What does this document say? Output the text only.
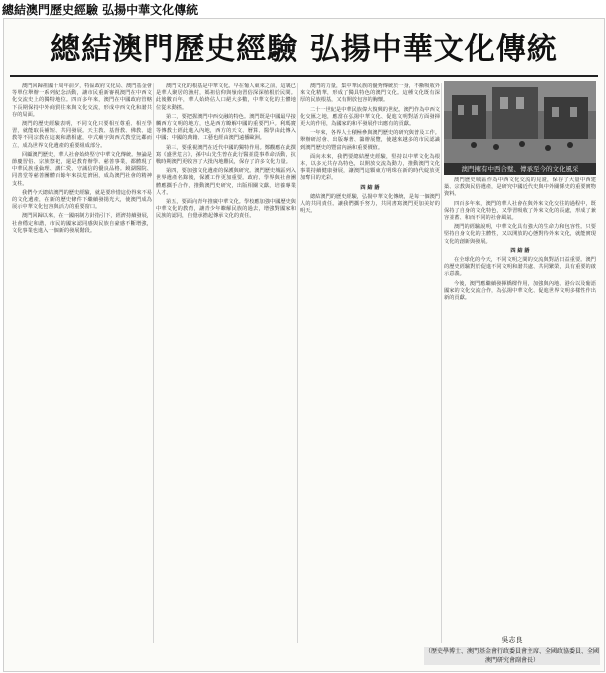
總結澳門歷史經驗 弘揚中華文化傳統
總結澳門歷史經驗 弘揚中華文化傳統

澳門回歸祖國十周年前夕，特區政府文化局、澳門基金會等單位舉辦一系列紀念活動，讓市民重新審視澳門在中西文化交流史上的獨特地位。四百多年來，澳門在中國政府管轄下長期保持中外商貿往來與文化交流，形成中西文化和諧共存的局面。

澳門的歷史經驗表明，不同文化只要相互尊重、相互學習，就能取長補短、共同發展。天主教、基督教、佛教、道教等不同宗教在這裏和諧相處，中式廟宇與西式教堂比鄰而立，成為世界文化遺產的重要組成部分。

回顧澳門歷史，華人社會始終堅守中華文化傳統。無論是節慶習俗、宗族祭祀，還是教育辦學、慈善事業，都體現了中華民族重倫理、講仁愛、守誠信的優良品格。鏡湖醫院、同善堂等慈善團體百餘年來扶危濟困，成為澳門社會的精神支柱。

我們今天總結澳門的歷史經驗，就是要珍惜這份得來不易的文化遺產，在新的歷史條件下繼續發揚光大，使澳門成為展示中華文化包容與活力的重要窗口。

澳門回歸以來，在一國兩制方針指引下，經濟持續發展，社會穩定和諧，市民的國家認同感與民族自豪感不斷增強，文化事業也進入一個新的發展階段。

澳門文化的根基是中華文化。早在葡人東來之前，這裏已是華人聚居的漁村，媽祖信仰與嶺南習俗深深植根於民間。此後數百年，華人始終佔人口絕大多數，中華文化的主體地位從未動搖。

第二，要把握澳門中西交融的特色。澳門既是中國最早接觸西方文明的地方，也是西方瞭解中國的重要門戶。利瑪竇等傳教士經此進入內地，西方的天文、曆算、醫學由此傳入中國；中國的典籍、工藝也經由澳門遠播歐洲。

第三，要重視澳門在近代中國的獨特作用。鄭觀應在此撰寫《盛世危言》，孫中山先生曾在此行醫並從事革命活動，抗戰時期澳門更收容了大批內地難民，保存了許多文化力量。

第四，要加強文化遺產的保護與研究。澳門歷史城區列入世界遺產名錄後，保護工作更加重要。政府、學界與社會團體應攜手合作，推動澳門史研究，出版相關文獻，培養專業人才。

第五，要面向青年推廣中華文化。學校應加強中國歷史與中華文化的教育，讓青少年瞭解民族的過去，增強對國家和民族的認同，自覺承擔起傳承文化的責任。

澳門的力量，集中華民族的優秀傳統於一身，不斷吸收外來文化精華，形成了獨具特色的澳門文化。這種文化既有深厚的民族根基，又有開放包容的胸懷。

二十一世紀是中華民族偉大復興的世紀。澳門作為中西文化交匯之地，應當在弘揚中華文化、促進文明對話方面發揮更大的作用，為國家的和平發展作出應有的貢獻。

一年來，各界人士積極參與澳門歷史的研究與普及工作。舉辦研討會、出版專著、籌辦展覽，使越來越多的市民認識到澳門歷史的豐富內涵和重要價值。

面向未來，我們要總結歷史經驗，堅持以中華文化為根本，以多元共存為特色，以開放交流為動力，推動澳門文化事業持續健康發展，讓澳門這顆東方明珠在新的時代綻放更加奪目的光彩。

四 結 語

總結澳門的歷史經驗，弘揚中華文化傳統，是每一個澳門人的共同責任。讓我們攜手努力，共同書寫澳門更加美好的明天。

澳門擁有中西合璧、傳承至今的文化風采

澳門歷史城區作為中西文化交流的見證，保存了大量中西建築、宗教與民俗遺產，是研究中國近代史與中外關係史的重要實物資料。

四百多年來，澳門的華人社會在與外來文化交往的過程中，既保持了自身的文化特色，又學習吸收了外來文化的長處，形成了兼容並蓄、和而不同的社會風氣。

澳門的經驗說明，中華文化具有強大的生命力和包容性。只要堅持自身文化的主體性，又以開放的心態對待外來文化，就能實現文化的創新與發展。

四 結 語

在全球化的今天，不同文明之間的交流與對話日益重要。澳門的歷史經驗對於促進不同文明和諧共處、共同繁榮，具有重要的啟示意義。

今後，澳門應繼續發揮橋樑作用，加強與內地、港台以及葡語國家的文化交流合作，為弘揚中華文化、促進世界文明多樣性作出新的貢獻。

吳志良
（歷史學博士、澳門基金會行政委員會主席、全國政協委員、全國澳門研究會副會長）
